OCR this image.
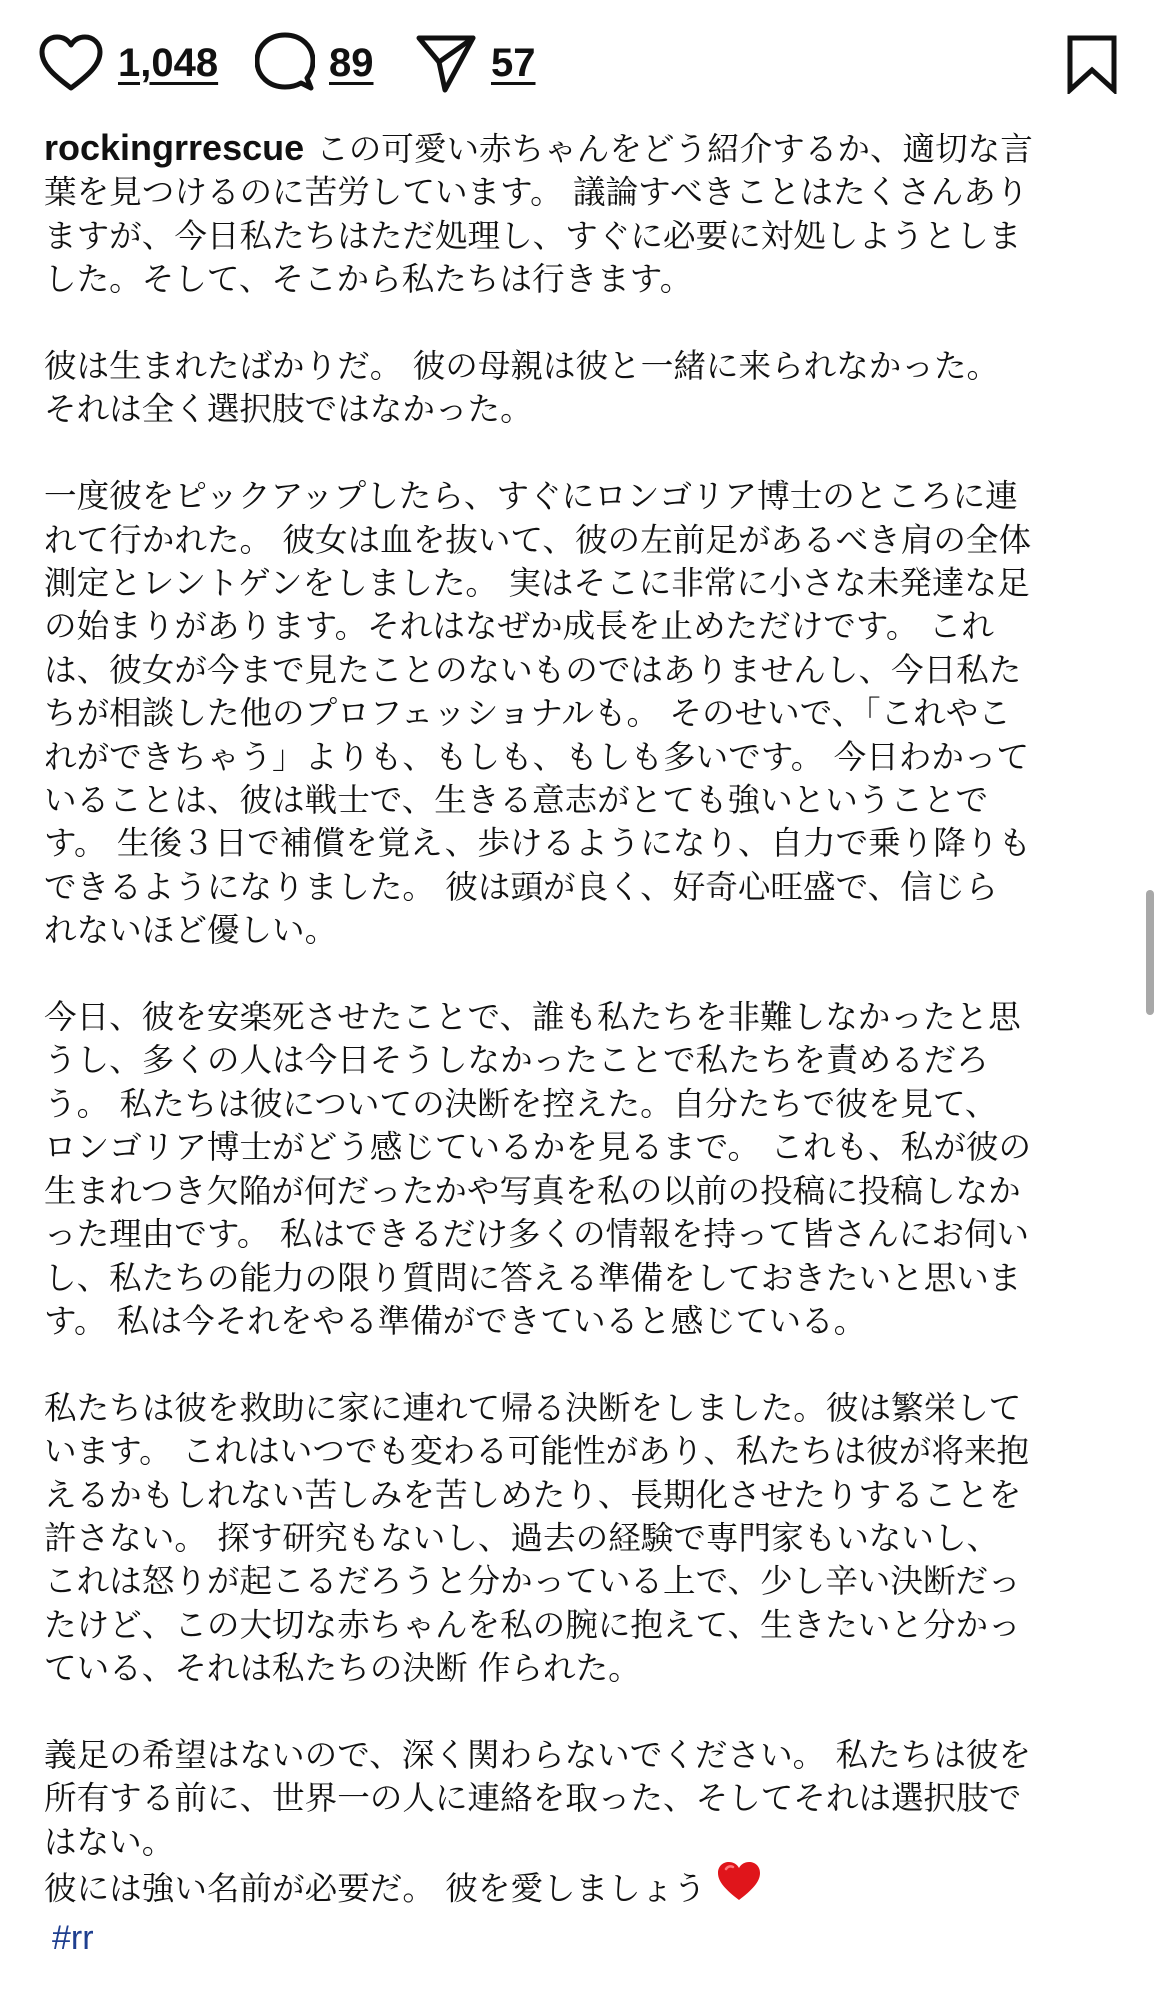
1,048	89	57

rockingrrescue この可愛い赤ちゃんをどう紹介するか、適切な言
葉を見つけるのに苦労しています。 議論すべきことはたくさんあり
ますが、今日私たちはただ処理し、すぐに必要に対処しようとしま
した。そして、そこから私たちは行きます。

彼は生まれたばかりだ。 彼の母親は彼と一緒に来られなかった。
それは全く選択肢ではなかった。

一度彼をピックアップしたら、すぐにロンゴリア博士のところに連
れて行かれた。 彼女は血を抜いて、彼の左前足があるべき肩の全体
測定とレントゲンをしました。 実はそこに非常に小さな未発達な足
の始まりがあります。それはなぜか成長を止めただけです。 これ
は、彼女が今まで見たことのないものではありませんし、今日私た
ちが相談した他のプロフェッショナルも。 そのせいで、「これやこ
れができちゃう」よりも、もしも、もしも多いです。 今日わかって
いることは、彼は戦士で、生きる意志がとても強いということで
す。 生後３日で補償を覚え、歩けるようになり、自力で乗り降りも
できるようになりました。 彼は頭が良く、好奇心旺盛で、信じら
れないほど優しい。

今日、彼を安楽死させたことで、誰も私たちを非難しなかったと思
うし、多くの人は今日そうしなかったことで私たちを責めるだろ
う。 私たちは彼についての決断を控えた。自分たちで彼を見て、
ロンゴリア博士がどう感じているかを見るまで。 これも、私が彼の
生まれつき欠陥が何だったかや写真を私の以前の投稿に投稿しなか
った理由です。 私はできるだけ多くの情報を持って皆さんにお伺い
し、私たちの能力の限り質問に答える準備をしておきたいと思いま
す。 私は今それをやる準備ができていると感じている。

私たちは彼を救助に家に連れて帰る決断をしました。彼は繁栄して
います。 これはいつでも変わる可能性があり、私たちは彼が将来抱
えるかもしれない苦しみを苦しめたり、長期化させたりすることを
許さない。 探す研究もないし、過去の経験で専門家もいないし、
これは怒りが起こるだろうと分かっている上で、少し辛い決断だっ
たけど、この大切な赤ちゃんを私の腕に抱えて、生きたいと分かっ
ている、それは私たちの決断 作られた。

義足の希望はないので、深く関わらないでください。 私たちは彼を
所有する前に、世界一の人に連絡を取った、そしてそれは選択肢で
はない。

彼には強い名前が必要だ。 彼を愛しましょう

#rr
